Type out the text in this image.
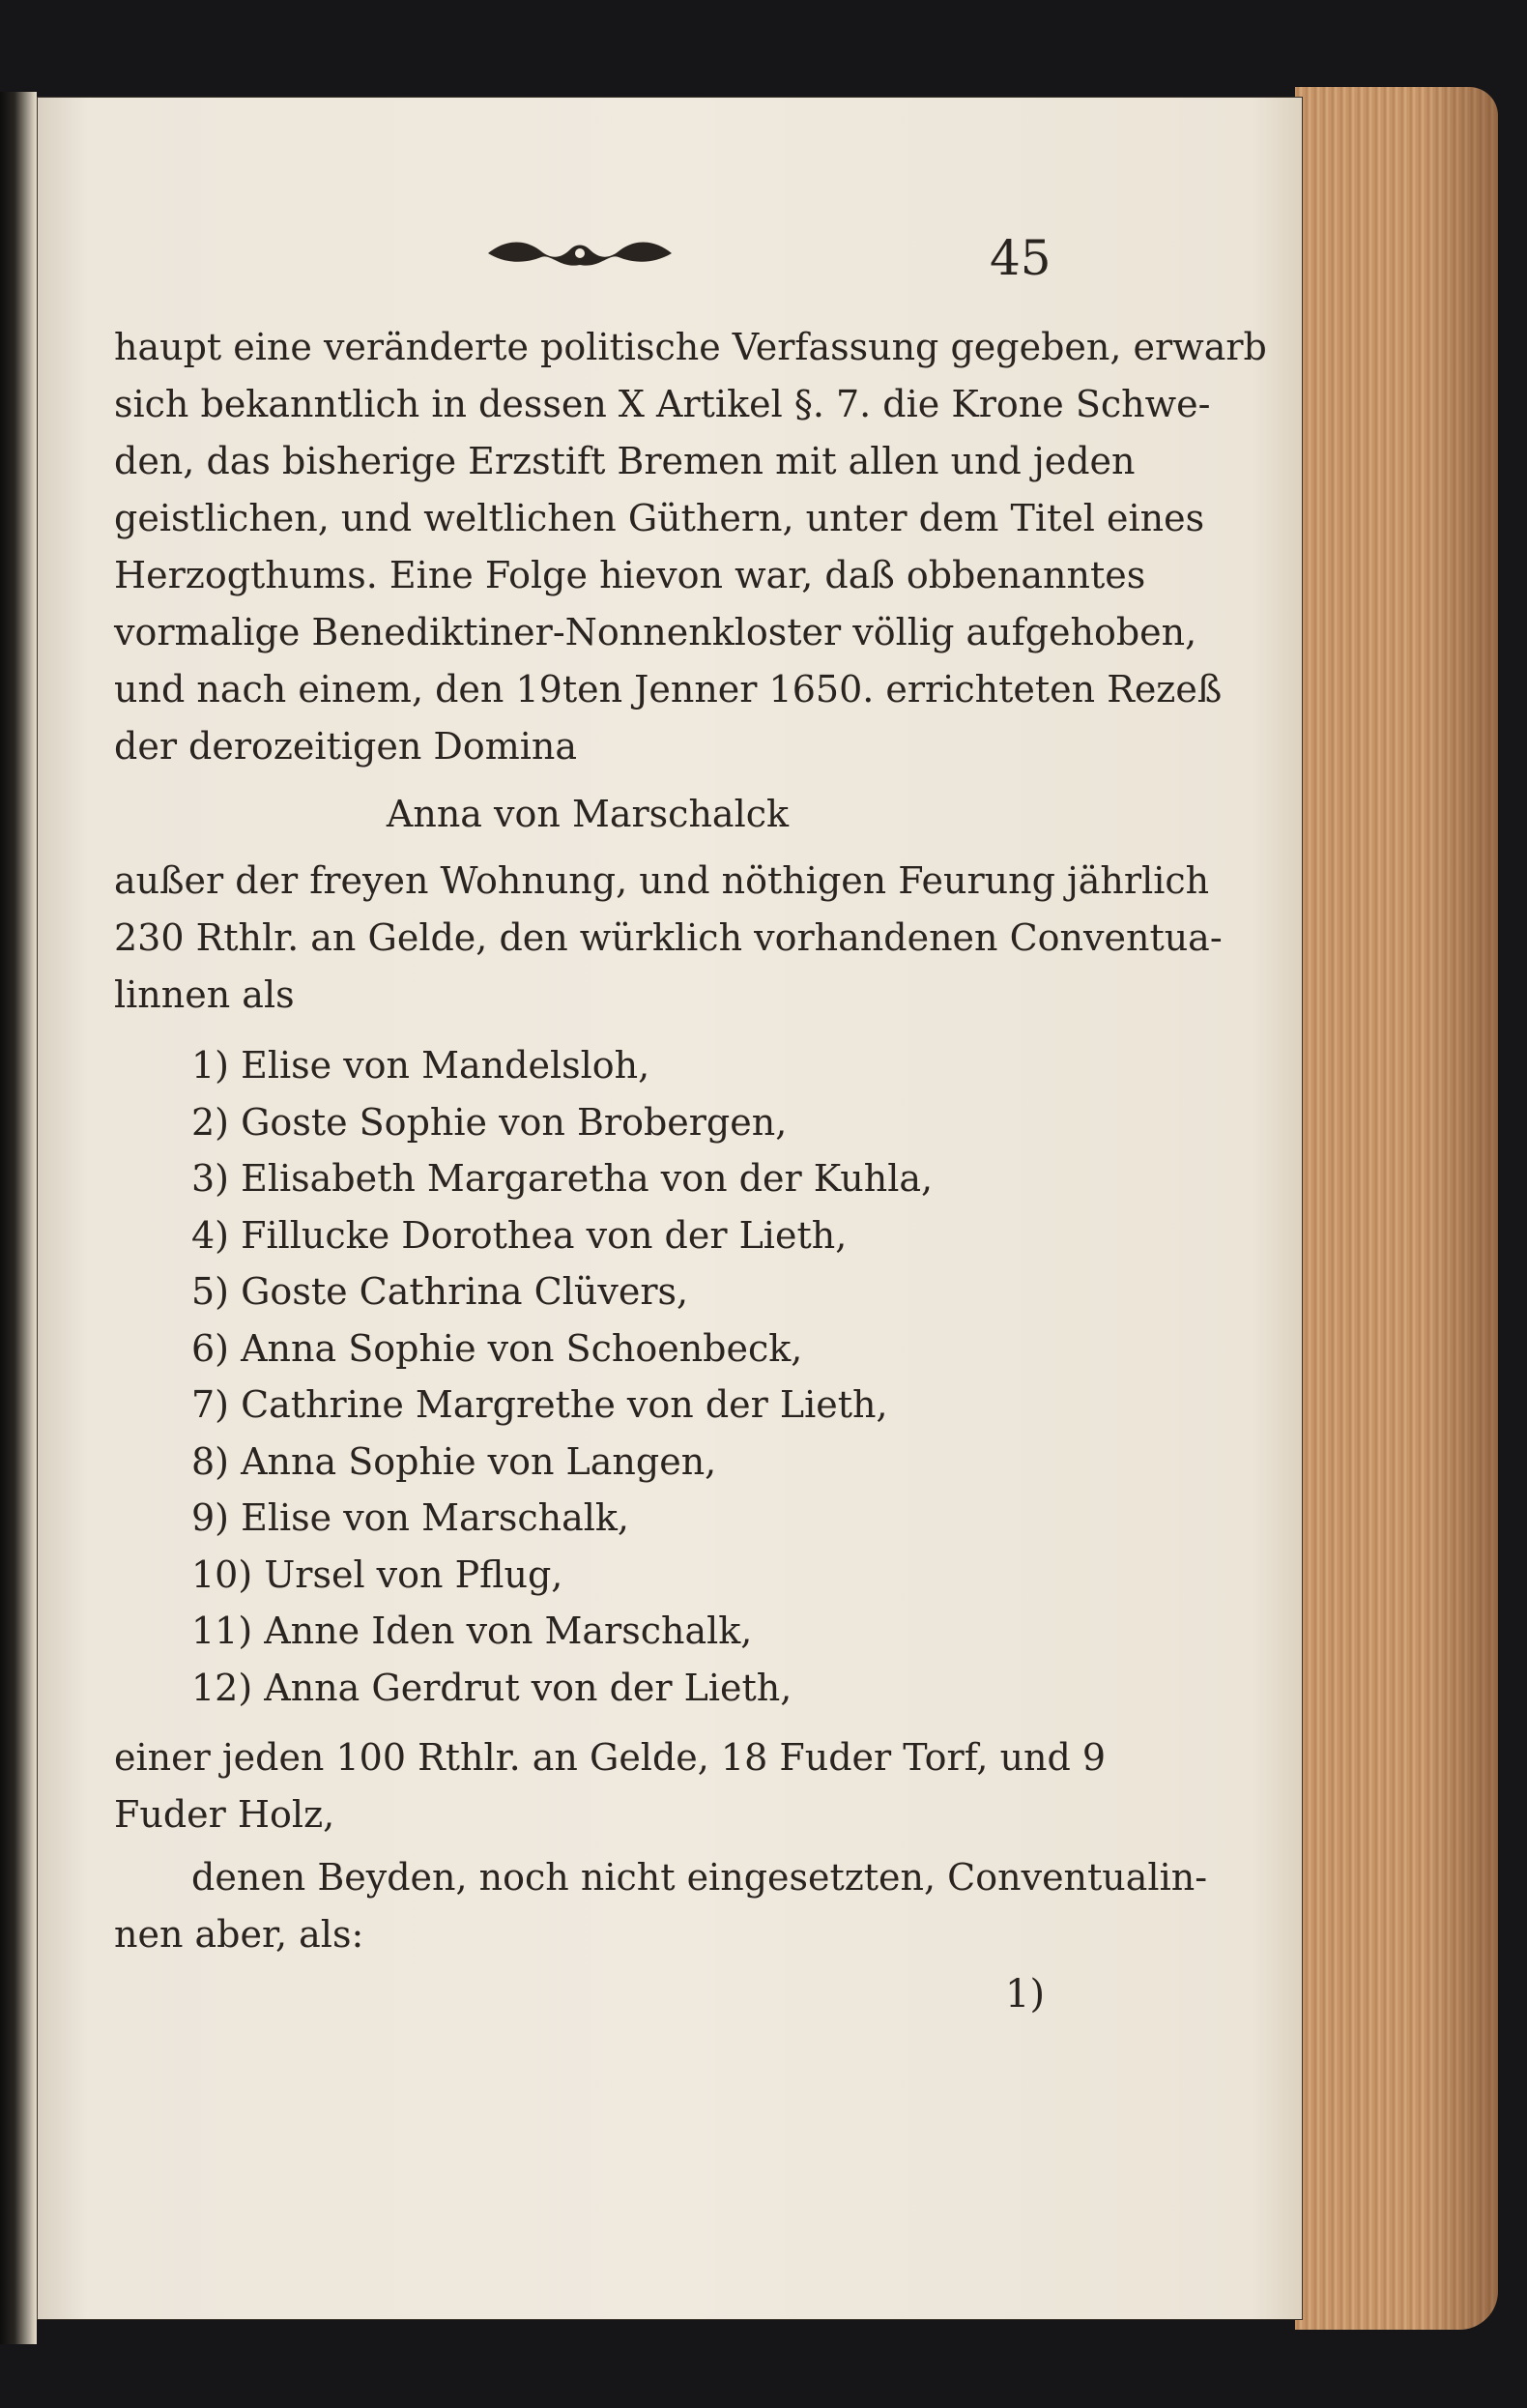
45
haupt eine veränderte politische Verfassung gegeben, erwarb
sich bekanntlich in dessen X Artikel §. 7. die Krone Schwe-
den, das bisherige Erzstift Bremen mit allen und jeden
geistlichen, und weltlichen Güthern, unter dem Titel eines
Herzogthums. Eine Folge hievon war, daß obbenanntes
vormalige Benediktiner-Nonnenkloster völlig aufgehoben,
und nach einem, den 19ten Jenner 1650. errichteten Rezeß
der derozeitigen Domina
Anna von Marschalck
außer der freyen Wohnung, und nöthigen Feurung jährlich
230 Rthlr. an Gelde, den würklich vorhandenen Conventua-
linnen als
1) Elise von Mandelsloh,
2) Goste Sophie von Brobergen,
3) Elisabeth Margaretha von der Kuhla,
4) Fillucke Dorothea von der Lieth,
5) Goste Cathrina Clüvers,
6) Anna Sophie von Schoenbeck,
7) Cathrine Margrethe von der Lieth,
8) Anna Sophie von Langen,
9) Elise von Marschalk,
10) Ursel von Pflug,
11) Anne Iden von Marschalk,
12) Anna Gerdrut von der Lieth,
einer jeden 100 Rthlr. an Gelde, 18 Fuder Torf, und 9
Fuder Holz,
denen Beyden, noch nicht eingesetzten, Conventualin-
nen aber, als:
1)
